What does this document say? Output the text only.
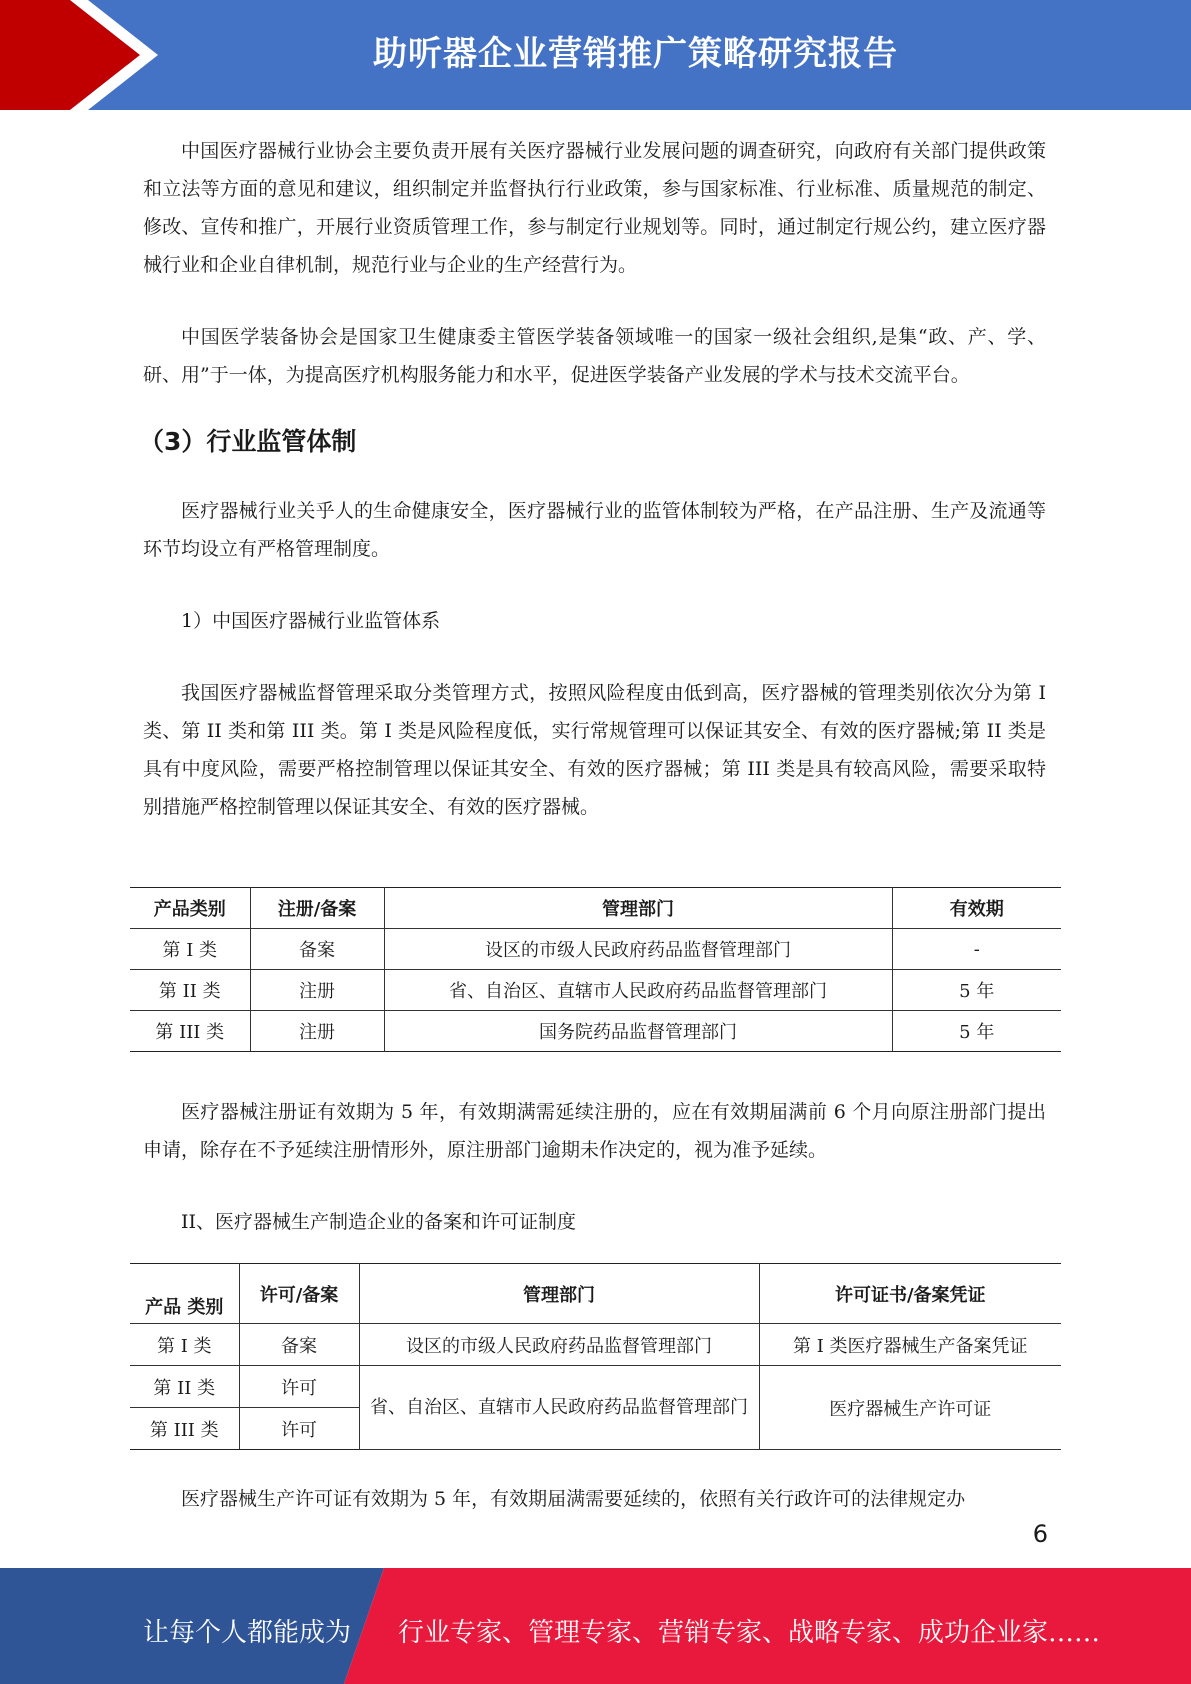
助听器企业营销推广策略研究报告

中国医疗器械行业协会主要负责开展有关医疗器械行业发展问题的调查研究，向政府有关部门提供政策和立法等方面的意见和建议，组织制定并监督执行行业政策，参与国家标准、行业标准、质量规范的制定、修改、宣传和推广，开展行业资质管理工作，参与制定行业规划等。同时，通过制定行规公约，建立医疗器械行业和企业自律机制，规范行业与企业的生产经营行为。

中国医学装备协会是国家卫生健康委主管医学装备领域唯一的国家一级社会组织,是集“政、产、学、研、用”于一体，为提高医疗机构服务能力和水平，促进医学装备产业发展的学术与技术交流平台。

（3）行业监管体制

医疗器械行业关乎人的生命健康安全，医疗器械行业的监管体制较为严格，在产品注册、生产及流通等环节均设立有严格管理制度。

1）中国医疗器械行业监管体系

我国医疗器械监督管理采取分类管理方式，按照风险程度由低到高，医疗器械的管理类别依次分为第 I 类、第 II 类和第 III 类。第 I 类是风险程度低，实行常规管理可以保证其安全、有效的医疗器械;第 II 类是具有中度风险，需要严格控制管理以保证其安全、有效的医疗器械；第 III 类是具有较高风险，需要采取特别措施严格控制管理以保证其安全、有效的医疗器械。

产品类别	注册/备案	管理部门	有效期
第 I 类	备案	设区的市级人民政府药品监督管理部门	-
第 II 类	注册	省、自治区、直辖市人民政府药品监督管理部门	5 年
第 III 类	注册	国务院药品监督管理部门	5 年

医疗器械注册证有效期为 5 年，有效期满需延续注册的，应在有效期届满前 6 个月向原注册部门提出申请，除存在不予延续注册情形外，原注册部门逾期未作决定的，视为准予延续。

II、医疗器械生产制造企业的备案和许可证制度

产品 类别	许可/备案	管理部门	许可证书/备案凭证
第 I 类	备案	设区的市级人民政府药品监督管理部门	第 I 类医疗器械生产备案凭证
第 II 类	许可	省、自治区、直辖市人民政府药品监督管理部门	医疗器械生产许可证
第 III 类	许可		

医疗器械生产许可证有效期为 5 年，有效期届满需要延续的，依照有关行政许可的法律规定办

6
让每个人都能成为 行业专家、管理专家、营销专家、战略专家、成功企业家……
